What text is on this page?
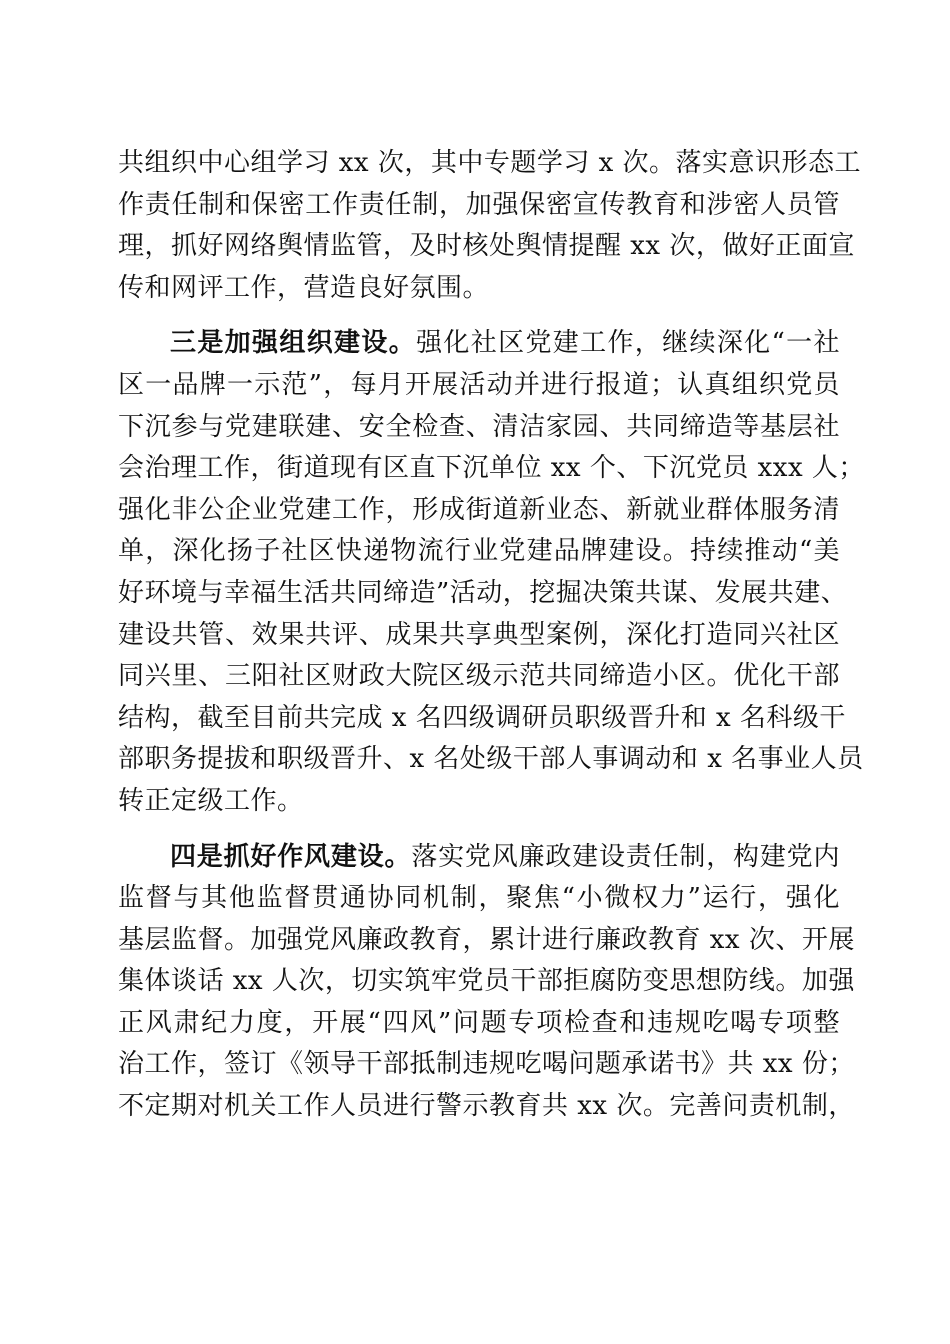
共组织中心组学习 xx 次，其中专题学习 x 次。落实意识形态工
作责任制和保密工作责任制，加强保密宣传教育和涉密人员管
理，抓好网络舆情监管，及时核处舆情提醒 xx 次，做好正面宣
传和网评工作，营造良好氛围。
三是加强组织建设。强化社区党建工作，继续深化“一社
区一品牌一示范”，每月开展活动并进行报道；认真组织党员
下沉参与党建联建、安全检查、清洁家园、共同缔造等基层社
会治理工作，街道现有区直下沉单位 xx 个、下沉党员 xxx 人；
强化非公企业党建工作，形成街道新业态、新就业群体服务清
单，深化扬子社区快递物流行业党建品牌建设。持续推动“美
好环境与幸福生活共同缔造”活动，挖掘决策共谋、发展共建、
建设共管、效果共评、成果共享典型案例，深化打造同兴社区
同兴里、三阳社区财政大院区级示范共同缔造小区。优化干部
结构，截至目前共完成 x 名四级调研员职级晋升和 x 名科级干
部职务提拔和职级晋升、x 名处级干部人事调动和 x 名事业人员
转正定级工作。
四是抓好作风建设。落实党风廉政建设责任制，构建党内
监督与其他监督贯通协同机制，聚焦“小微权力”运行，强化
基层监督。加强党风廉政教育，累计进行廉政教育 xx 次、开展
集体谈话 xx 人次，切实筑牢党员干部拒腐防变思想防线。加强
正风肃纪力度，开展“四风”问题专项检查和违规吃喝专项整
治工作，签订《领导干部抵制违规吃喝问题承诺书》共 xx 份；
不定期对机关工作人员进行警示教育共 xx 次。完善问责机制，
